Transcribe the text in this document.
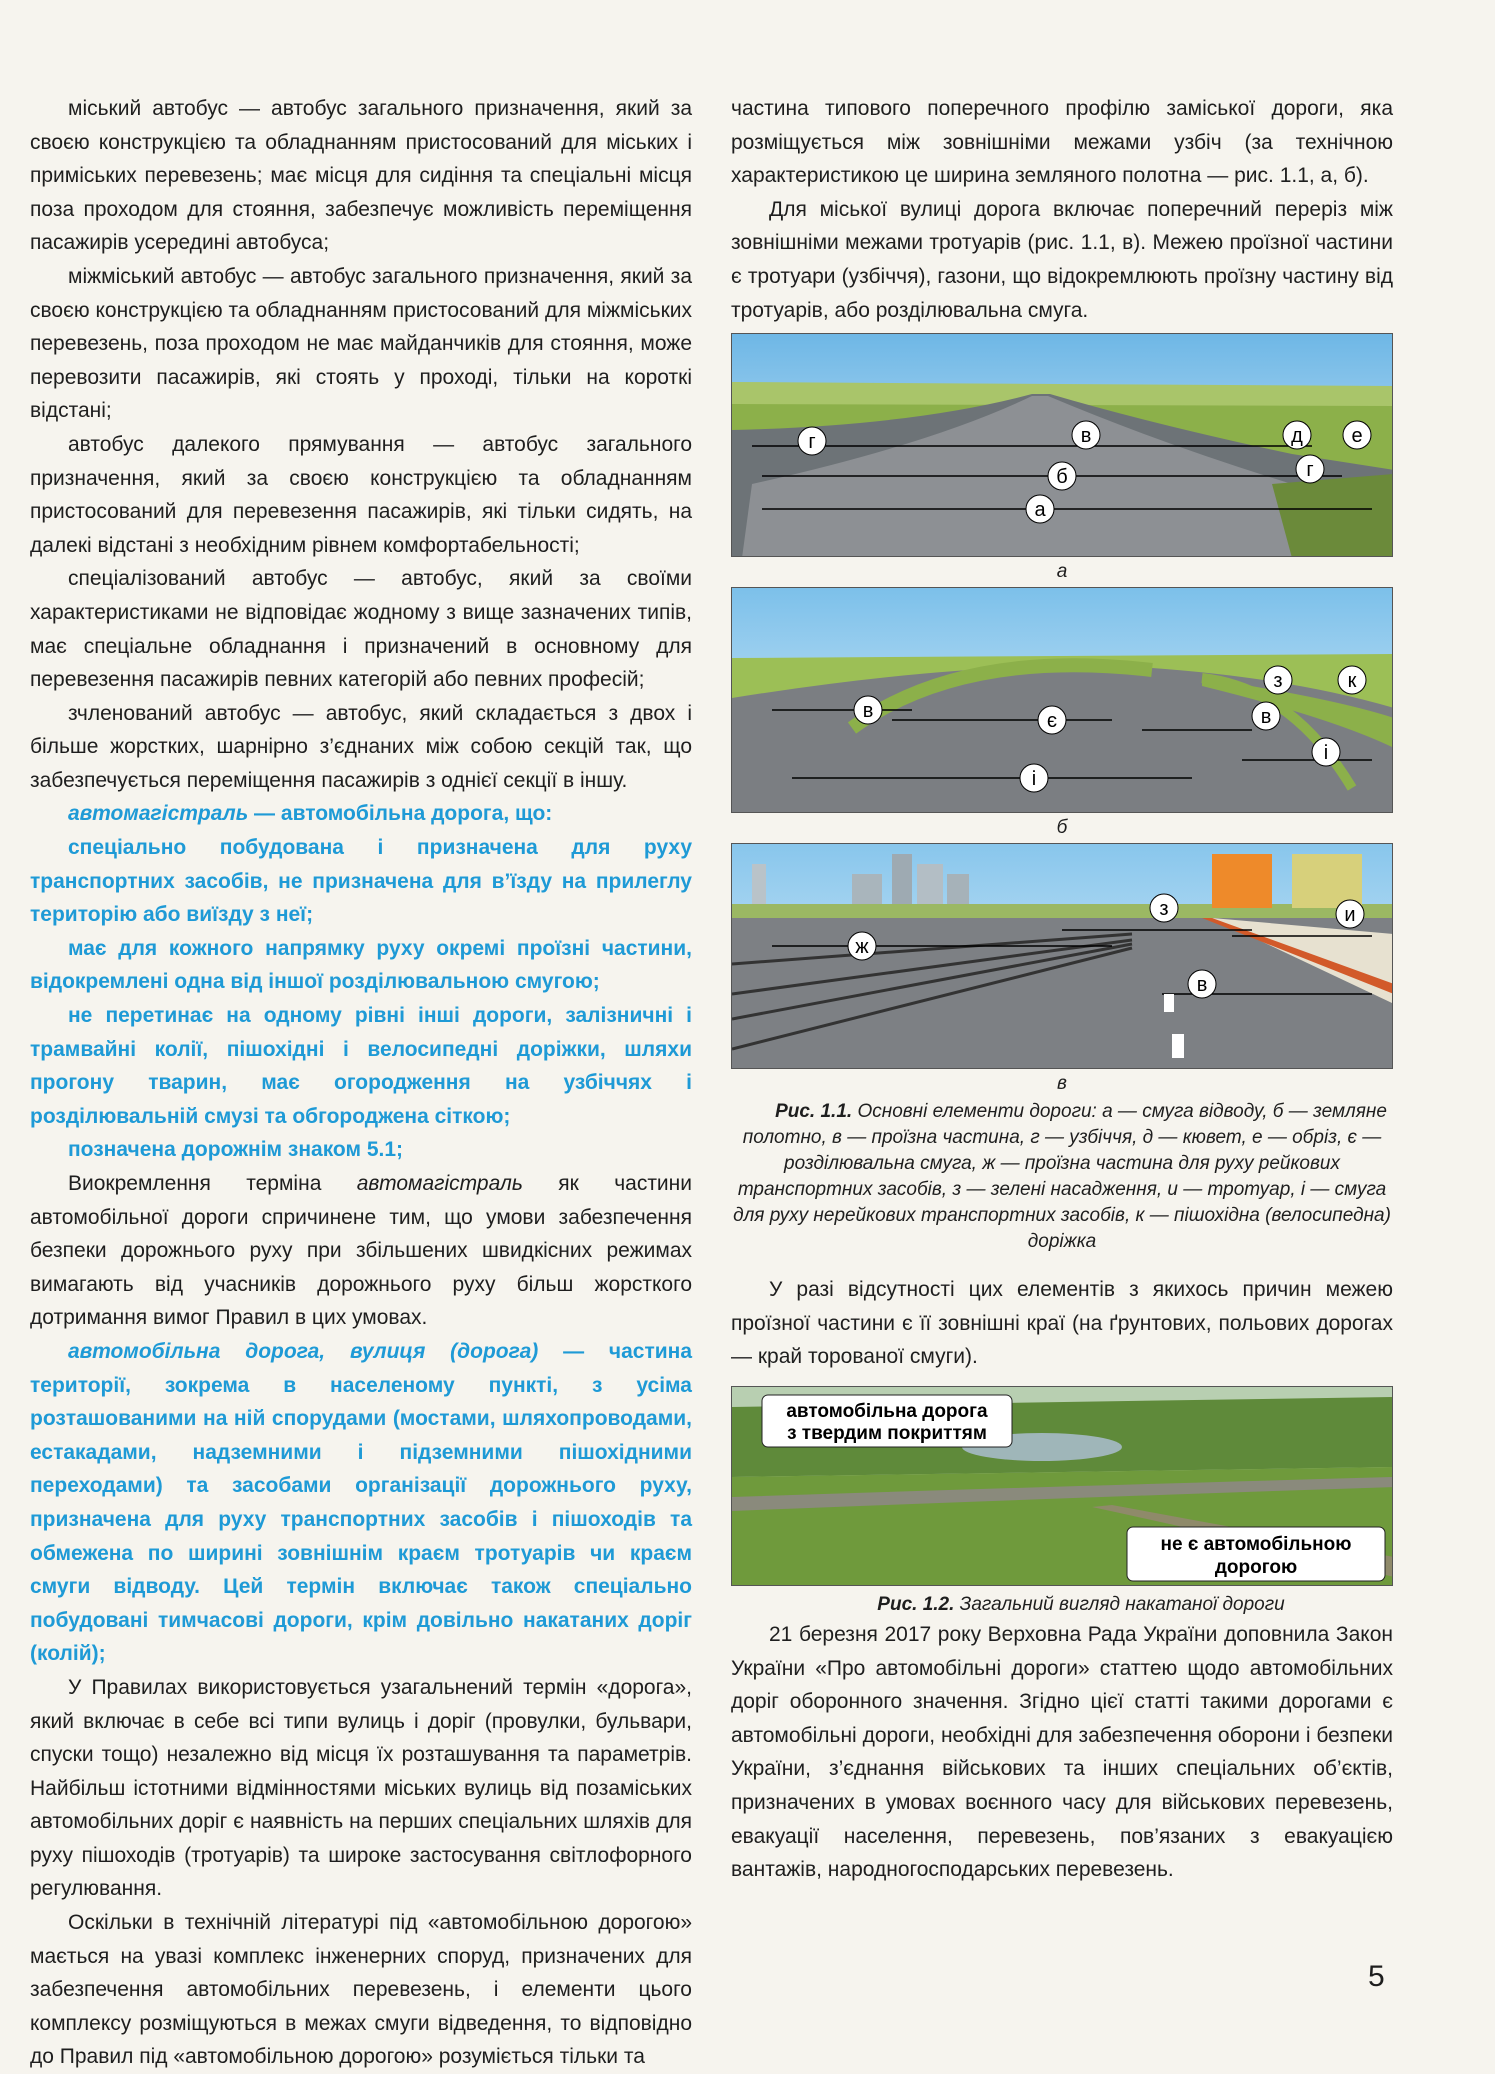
міський автобус — автобус загального призначення, який за своєю конструкцією та обладнанням пристосований для міських і приміських перевезень; має місця для сидіння та спеціальні місця поза проходом для стояння, забезпечує можливість переміщення пасажирів усередині автобуса;

міжміський автобус — автобус загального призначення, який за своєю конструкцією та обладнанням пристосований для міжміських перевезень, поза проходом не має майданчиків для стояння, може перевозити пасажирів, які стоять у проході, тільки на короткі відстані;

автобус далекого прямування — автобус загального призначення, який за своєю конструкцією та обладнанням пристосований для перевезення пасажирів, які тільки сидять, на далекі відстані з необхідним рівнем комфортабельності;

спеціалізований автобус — автобус, який за своїми характеристиками не відповідає жодному з вище зазначених типів, має спеціальне обладнання і призначений в основному для перевезення пасажирів певних категорій або певних професій;

зчленований автобус — автобус, який складається з двох і більше жорстких, шарнірно з’єднаних між собою секцій так, що забезпечується переміщення пасажирів з однієї секції в іншу.

автомагістраль — автомобільна дорога, що:

спеціально побудована і призначена для руху транспортних засобів, не призначена для в’їзду на прилеглу територію або виїзду з неї;

має для кожного напрямку руху окремі проїзні частини, відокремлені одна від іншої розділювальною смугою;

не перетинає на одному рівні інші дороги, залізничні і трамвайні колії, пішохідні і велосипедні доріжки, шляхи прогону тварин, має огородження на узбіччях і розділювальній смузі та обгороджена сіткою;

позначена дорожнім знаком 5.1;

Виокремлення терміна автомагістраль як частини автомобільної дороги спричинене тим, що умови забезпечення безпеки дорожнього руху при збільшених швидкісних режимах вимагають від учасників дорожнього руху більш жорсткого дотримання вимог Правил в цих умовах.

автомобільна дорога, вулиця (дорога) — частина території, зокрема в населеному пункті, з усіма розташованими на ній спорудами (мостами, шляхопроводами, естакадами, надземними і підземними пішохідними переходами) та засобами організації дорожнього руху, призначена для руху транспортних засобів і пішоходів та обмежена по ширині зовнішнім краєм тротуарів чи краєм смуги відводу. Цей термін включає також спеціально побудовані тимчасові дороги, крім довільно накатаних доріг (колій);

У Правилах використовується узагальнений термін «дорога», який включає в себе всі типи вулиць і доріг (провулки, бульвари, спуски тощо) незалежно від місця їх розташування та параметрів. Найбільш істотними відмінностями міських вулиць від позаміських автомобільних доріг є наявність на перших спеціальних шляхів для руху пішоходів (тротуарів) та широке застосування світлофорного регулювання.

Оскільки в технічній літературі під «автомобільною дорогою» мається на увазі комплекс інженерних споруд, призначених для забезпечення автомобільних перевезень, і елементи цього комплексу розміщуються в межах смуги відведення, то відповідно до Правил під «автомобільною дорогою» розуміється тільки та

частина типового поперечного профілю заміської дороги, яка розміщується між зовнішніми межами узбіч (за технічною характеристикою це ширина земляного полотна — рис. 1.1, а, б).

Для міської вулиці дорога включає поперечний переріз між зовнішніми межами тротуарів (рис. 1.1, в). Межею проїзної частини є тротуари (узбіччя), газони, що відокремлюють проїзну частину від тротуарів, або розділювальна смуга.

в
б
а
г
г
д е
а
в	є
і
з	к
в
і
б
ж
з	и
в
в

Рис. 1.1. Основні елементи дороги: а — смуга відводу, б — земляне полотно, в — проїзна частина, г — узбіччя, д — кювет, е — обріз, є — розділювальна смуга, ж — проїзна частина для руху рейкових транспортних засобів, з — зелені насадження, и — тротуар, і — смуга для руху нерейкових транспортних засобів, к — пішохідна (велосипедна) доріжка

У разі відсутності цих елементів з якихось причин межею проїзної частини є її зовнішні краї (на ґрунтових, польових дорогах — край торованої смуги).

автомобільна дорога
з твердим покриттям
не є автомобільною
дорогою

Рис. 1.2. Загальний вигляд накатаної дороги

21 березня 2017 року Верховна Рада України доповнила Закон України «Про автомобільні дороги» статтею щодо автомобільних доріг оборонного значення. Згідно цієї статті такими дорогами є автомобільні дороги, необхідні для забезпечення оборони і безпеки України, з’єднання військових та інших спеціальних об’єктів, призначених в умовах воєнного часу для військових перевезень, евакуації населення, перевезень, пов’язаних з евакуацією вантажів, народногосподарських перевезень.

5
